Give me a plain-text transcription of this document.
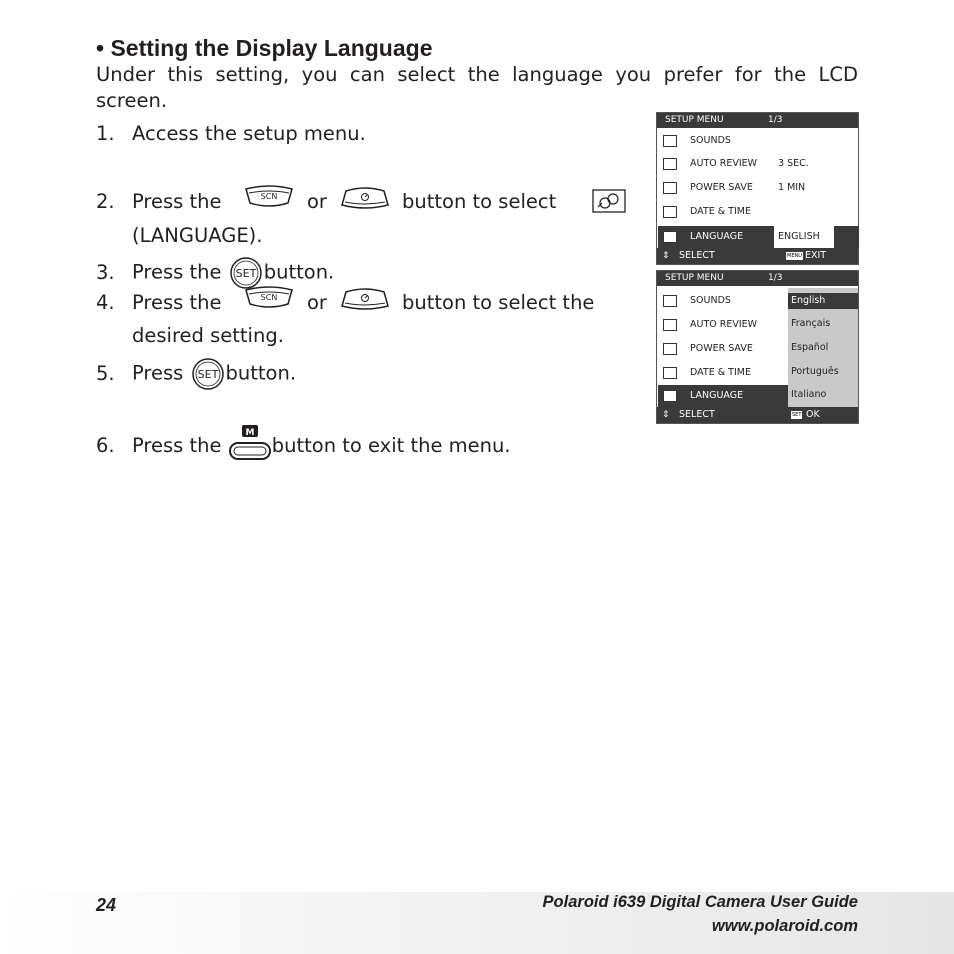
• Setting the Display Language
Under this setting, you can select the language you prefer for the LCD screen.
1. Access the setup menu.
2. Press the	SCN or	button to select
(LANGUAGE).
3. Press the SET button.
4. Press the	SCN or	button to select the
desired setting.
5. Press SET button.
6. Press the
M
button to exit the menu.
SETUP MENU	1/3
SOUNDS
AUTO REVIEW 3 SEC.
POWER SAVE	1 MIN
DATE & TIME
LANGUAGE	ENGLISH
⇕ SELECT	MENU EXIT
SETUP MENU	1/3
SOUNDS
AUTO REVIEW
POWER SAVE
DATE & TIME
LANGUAGE
English
Français
Español
Português
Italiano
⇕ SELECT	SET OK
24	Polaroid i639 Digital Camera User Guide
www.polaroid.com
